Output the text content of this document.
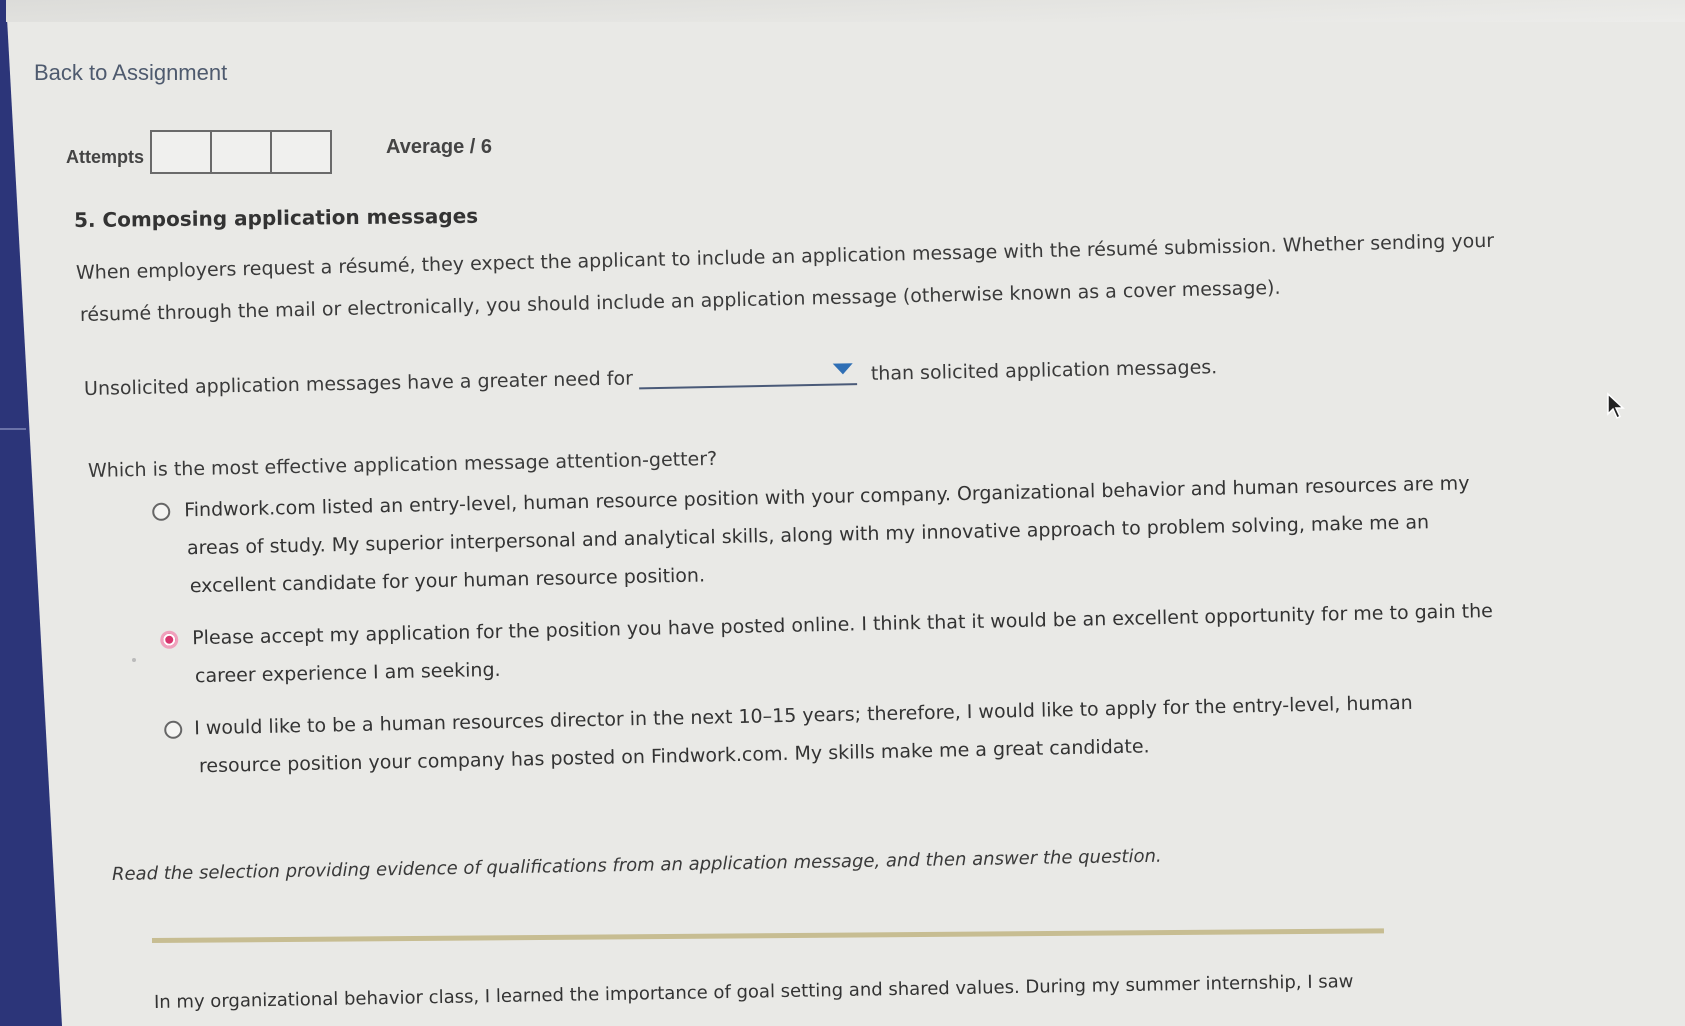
Back to Assignment
Attempts	Average / 6
5. Composing application messages
When employers request a résumé, they expect the applicant to include an application message with the résumé submission. Whether sending your
résumé through the mail or electronically, you should include an application message (otherwise known as a cover message).
Unsolicited application messages have a greater need for	than solicited application messages.
Which is the most effective application message attention-getter?
Findwork.com listed an entry-level, human resource position with your company. Organizational behavior and human resources are my
areas of study. My superior interpersonal and analytical skills, along with my innovative approach to problem solving, make me an
excellent candidate for your human resource position.
Please accept my application for the position you have posted online. I think that it would be an excellent opportunity for me to gain the
career experience I am seeking.
I would like to be a human resources director in the next 10–15 years; therefore, I would like to apply for the entry-level, human
resource position your company has posted on Findwork.com. My skills make me a great candidate.
Read the selection providing evidence of qualifications from an application message, and then answer the question.
In my organizational behavior class, I learned the importance of goal setting and shared values. During my summer internship, I saw
